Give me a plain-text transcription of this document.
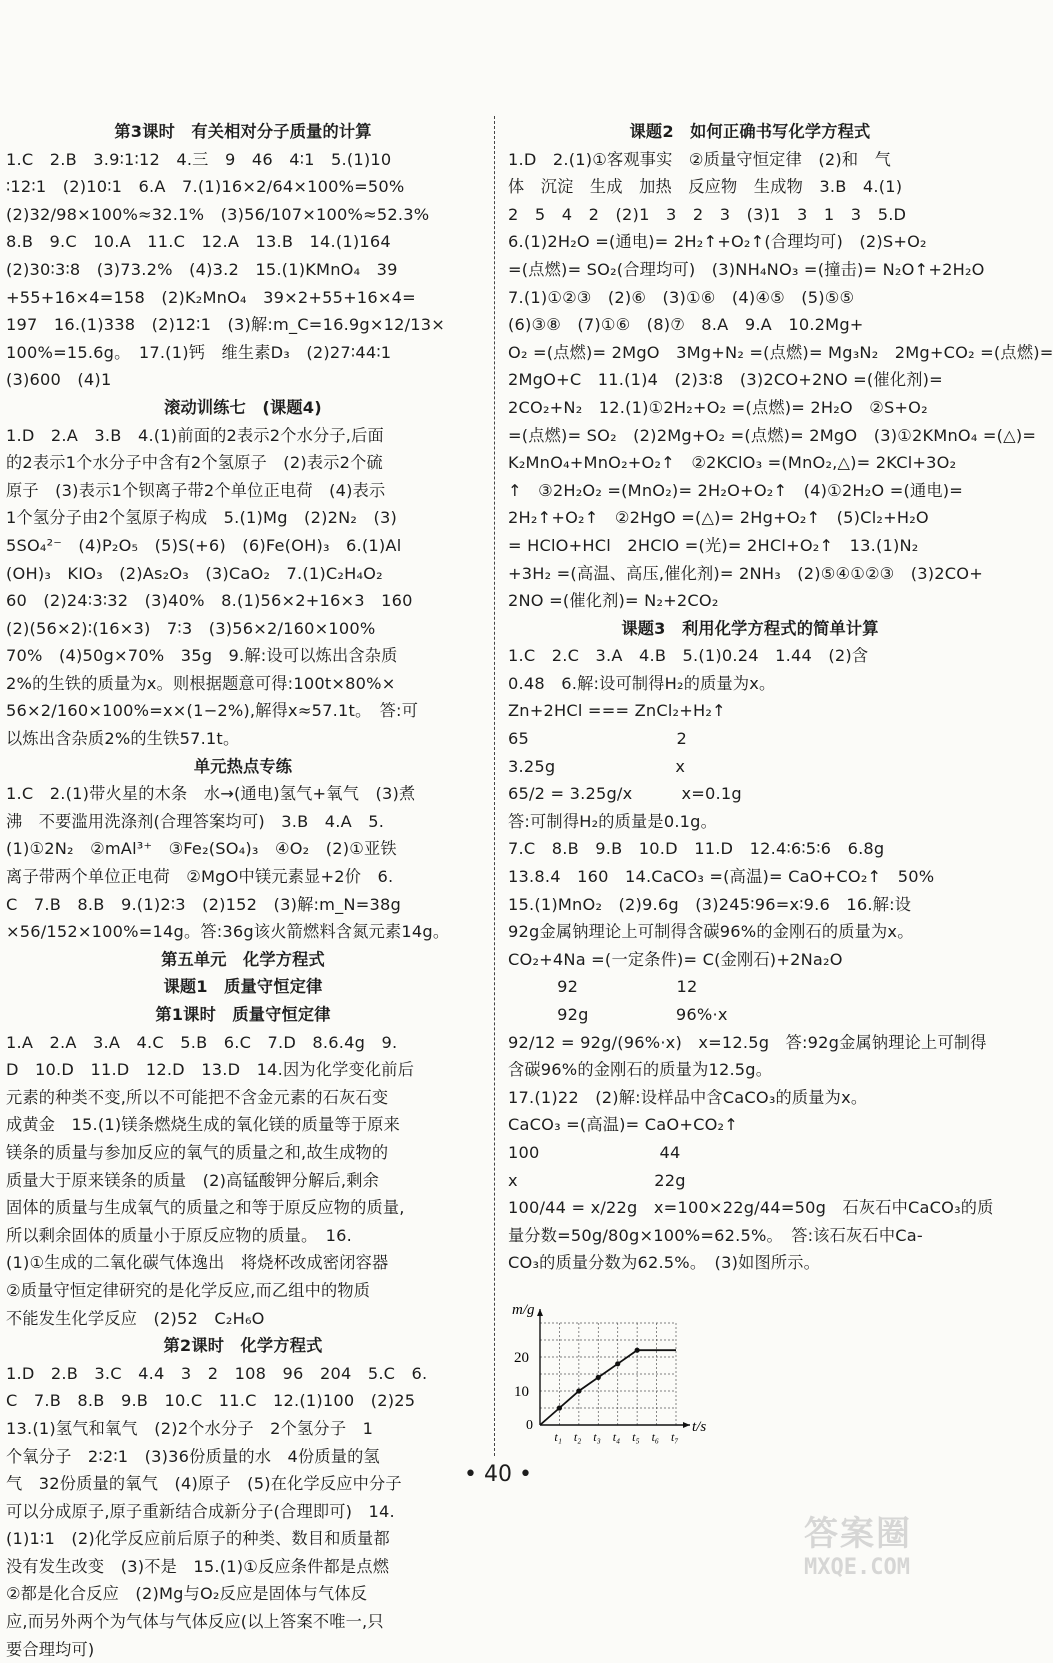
第3课时　有关相对分子质量的计算
1.C　2.B　3.9∶1∶12　4.三　9　46　4∶1　5.(1)10
∶12∶1　(2)10∶1　6.A　7.(1)16×2/64×100%=50%
(2)32/98×100%≈32.1%　(3)56/107×100%≈52.3%
8.B　9.C　10.A　11.C　12.A　13.B　14.(1)164
(2)30∶3∶8　(3)73.2%　(4)3.2　15.(1)KMnO₄　39
+55+16×4=158　(2)K₂MnO₄　39×2+55+16×4=
197　16.(1)338　(2)12∶1　(3)解:m_C=16.9g×12/13×
100%=15.6g。　17.(1)钙　维生素D₃　(2)27∶44∶1
(3)600　(4)1
滚动训练七　(课题4)
1.D　2.A　3.B　4.(1)前面的2表示2个水分子,后面
的2表示1个水分子中含有2个氢原子　(2)表示2个硫
原子　(3)表示1个钡离子带2个单位正电荷　(4)表示
1个氢分子由2个氢原子构成　5.(1)Mg　(2)2N₂　(3)
5SO₄²⁻　(4)P₂O₅　(5)S(+6)　(6)Fe(OH)₃　6.(1)Al
(OH)₃　KIO₃　(2)As₂O₃　(3)CaO₂　7.(1)C₂H₄O₂
60　(2)24∶3∶32　(3)40%　8.(1)56×2+16×3　160
(2)(56×2)∶(16×3)　7∶3　(3)56×2/160×100%
70%　(4)50g×70%　35g　9.解:设可以炼出含杂质
2%的生铁的质量为x。则根据题意可得:100t×80%×
56×2/160×100%=x×(1−2%),解得x≈57.1t。　答:可
以炼出含杂质2%的生铁57.1t。
单元热点专练
1.C　2.(1)带火星的木条　水→(通电)氢气+氧气　(3)煮
沸　不要滥用洗涤剂(合理答案均可)　3.B　4.A　5.
(1)①2N₂　②mAl³⁺　③Fe₂(SO₄)₃　④O₂　(2)①亚铁
离子带两个单位正电荷　②MgO中镁元素显+2价　6.
C　7.B　8.B　9.(1)2∶3　(2)152　(3)解:m_N=38g
×56/152×100%=14g。答:36g该火箭燃料含氮元素14g。
第五单元　化学方程式
课题1　质量守恒定律
第1课时　质量守恒定律
1.A　2.A　3.A　4.C　5.B　6.C　7.D　8.6.4g　9.
D　10.D　11.D　12.D　13.D　14.因为化学变化前后
元素的种类不变,所以不可能把不含金元素的石灰石变
成黄金　15.(1)镁条燃烧生成的氧化镁的质量等于原来
镁条的质量与参加反应的氧气的质量之和,故生成物的
质量大于原来镁条的质量　(2)高锰酸钾分解后,剩余
固体的质量与生成氧气的质量之和等于原反应物的质量,
所以剩余固体的质量小于原反应物的质量。　16.
(1)①生成的二氧化碳气体逸出　将烧杯改成密闭容器
②质量守恒定律研究的是化学反应,而乙组中的物质
不能发生化学反应　(2)52　C₂H₆O
第2课时　化学方程式
1.D　2.B　3.C　4.4　3　2　108　96　204　5.C　6.
C　7.B　8.B　9.B　10.C　11.C　12.(1)100　(2)25
13.(1)氢气和氧气　(2)2个水分子　2个氢分子　1
个氧分子　2∶2∶1　(3)36份质量的水　4份质量的氢
气　32份质量的氧气　(4)原子　(5)在化学反应中分子
可以分成原子,原子重新结合成新分子(合理即可)　14.
(1)1∶1　(2)化学反应前后原子的种类、数目和质量都
没有发生改变　(3)不是　15.(1)①反应条件都是点燃
②都是化合反应　(2)Mg与O₂反应是固体与气体反
应,而另外两个为气体与气体反应(以上答案不唯一,只
要合理均可)
课题2　如何正确书写化学方程式
1.D　2.(1)①客观事实　②质量守恒定律　(2)和　气
体　沉淀　生成　加热　反应物　生成物　3.B　4.(1)
2　5　4　2　(2)1　3　2　3　(3)1　3　1　3　5.D
6.(1)2H₂O =(通电)= 2H₂↑+O₂↑(合理均可)　(2)S+O₂
=(点燃)= SO₂(合理均可)　(3)NH₄NO₃ =(撞击)= N₂O↑+2H₂O
7.(1)①②③　(2)⑥　(3)①⑥　(4)④⑤　(5)⑤⑤
(6)③⑧　(7)①⑥　(8)⑦　8.A　9.A　10.2Mg+
O₂ =(点燃)= 2MgO　3Mg+N₂ =(点燃)= Mg₃N₂　2Mg+CO₂ =(点燃)=
2MgO+C　11.(1)4　(2)3∶8　(3)2CO+2NO =(催化剂)=
2CO₂+N₂　12.(1)①2H₂+O₂ =(点燃)= 2H₂O　②S+O₂
=(点燃)= SO₂　(2)2Mg+O₂ =(点燃)= 2MgO　(3)①2KMnO₄ =(△)=
K₂MnO₄+MnO₂+O₂↑　②2KClO₃ =(MnO₂,△)= 2KCl+3O₂
↑　③2H₂O₂ =(MnO₂)= 2H₂O+O₂↑　(4)①2H₂O =(通电)=
2H₂↑+O₂↑　②2HgO =(△)= 2Hg+O₂↑　(5)Cl₂+H₂O
= HClO+HCl　2HClO =(光)= 2HCl+O₂↑　13.(1)N₂
+3H₂ =(高温、高压,催化剂)= 2NH₃　(2)⑤④①②③　(3)2CO+
2NO =(催化剂)= N₂+2CO₂
课题3　利用化学方程式的简单计算
1.C　2.C　3.A　4.B　5.(1)0.24　1.44　(2)含
0.48　6.解:设可制得H₂的质量为x。
Zn+2HCl === ZnCl₂+H₂↑
65　　　　　　　　　2
3.25g　　　　　　　 x
65/2 = 3.25g/x　　　x=0.1g
答:可制得H₂的质量是0.1g。
7.C　8.B　9.B　10.D　11.D　12.4∶6∶5∶6　6.8g
13.8.4　160　14.CaCO₃ =(高温)= CaO+CO₂↑　50%
15.(1)MnO₂　(2)9.6g　(3)245∶96=x∶9.6　16.解:设
92g金属钠理论上可制得含碳96%的金刚石的质量为x。
CO₂+4Na =(一定条件)= C(金刚石)+2Na₂O
　　　92　　　　　　12
　　　92g　　　　　 96%·x
92/12 = 92g/(96%·x)　x=12.5g　答:92g金属钠理论上可制得
含碳96%的金刚石的质量为12.5g。
17.(1)22　(2)解:设样品中含CaCO₃的质量为x。
CaCO₃ =(高温)= CaO+CO₂↑
100　　　　　　　 44
x　　　　　　　　 22g
100/44 = x/22g　x=100×22g/44=50g　石灰石中CaCO₃的质
量分数=50g/80g×100%=62.5%。　答:该石灰石中Ca-
CO₃的质量分数为62.5%。　(3)如图所示。
m/g
t/s
0
10
20
t₁ t₂ t₃ t₄ t₅ t₆ t₇
• 40 •
答案圈
MXQE.COM
